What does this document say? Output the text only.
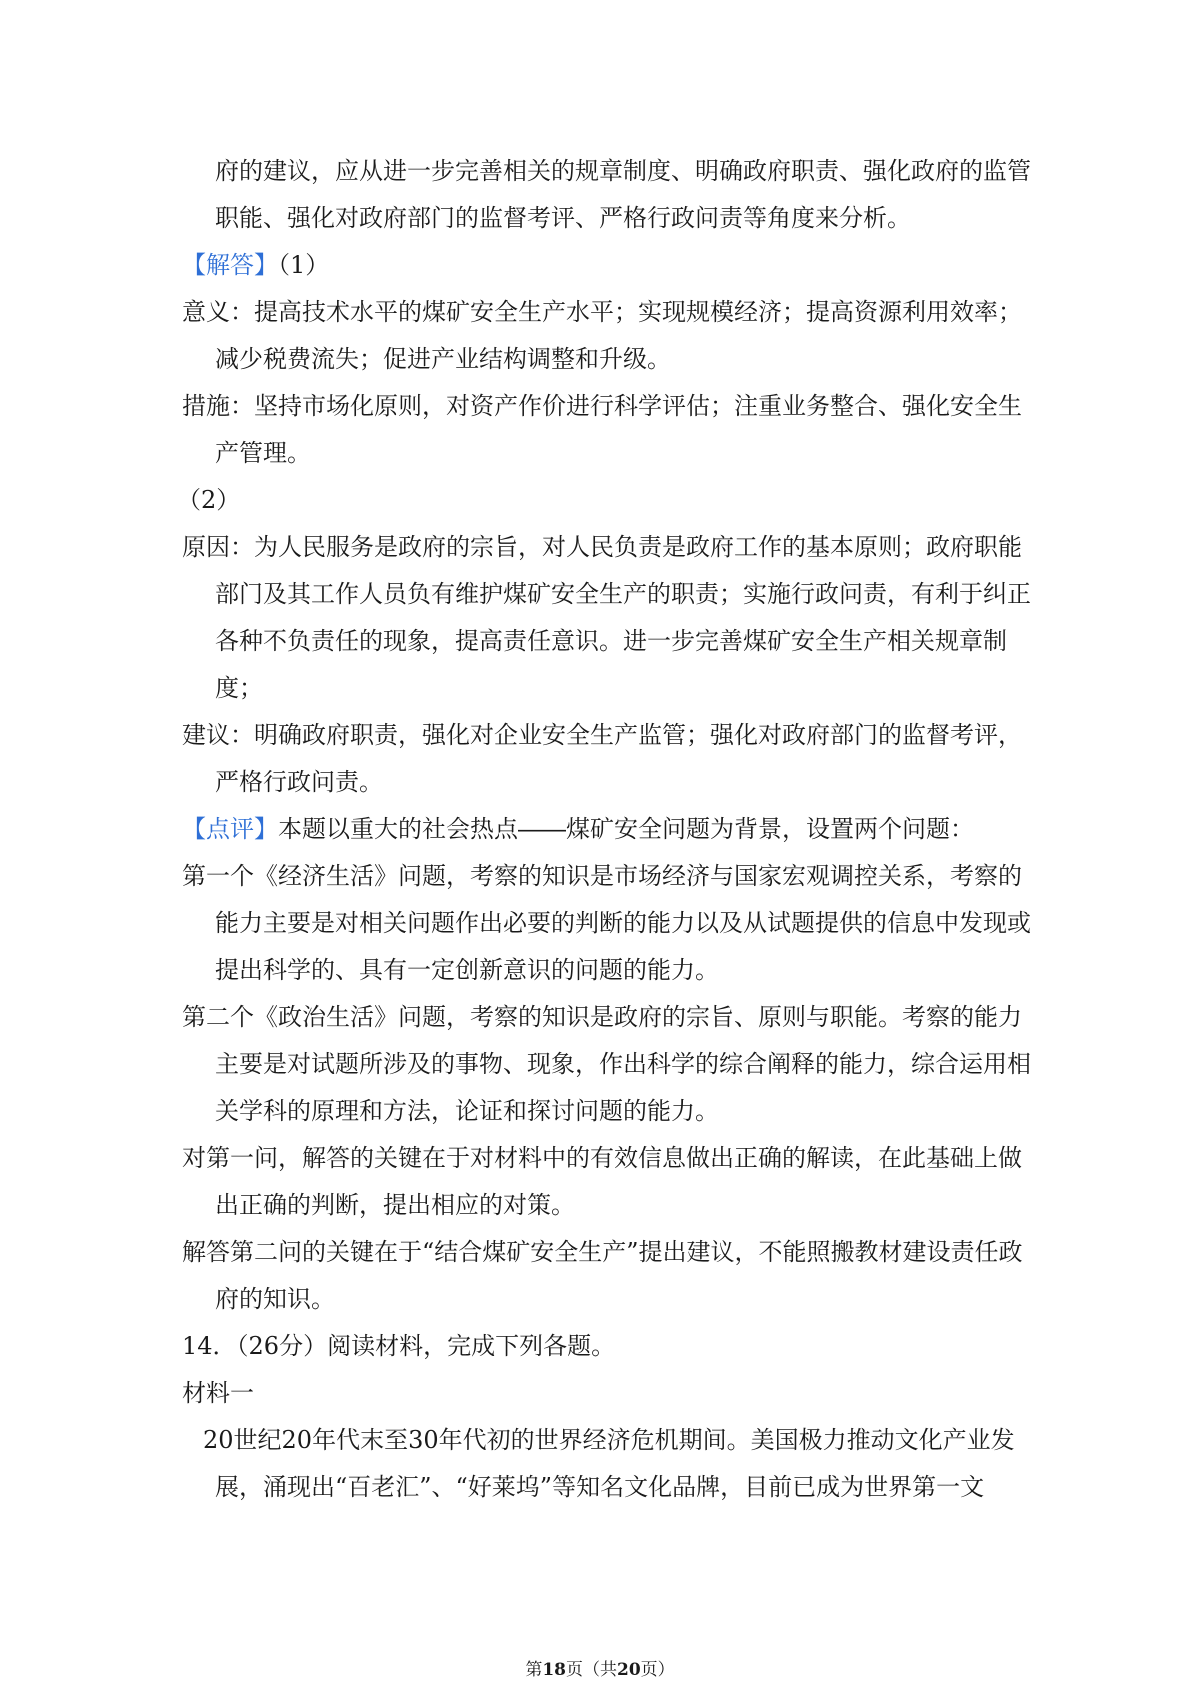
府的建议，应从进一步完善相关的规章制度、明确政府职责、强化政府的监管职能、强化对政府部门的监督考评、严格行政问责等角度来分析。

【解答】（1）

意义：提高技术水平的煤矿安全生产水平；实现规模经济；提高资源利用效率；减少税费流失；促进产业结构调整和升级。

措施：坚持市场化原则，对资产作价进行科学评估；注重业务整合、强化安全生产管理。

（2）

原因：为人民服务是政府的宗旨，对人民负责是政府工作的基本原则；政府职能部门及其工作人员负有维护煤矿安全生产的职责；实施行政问责，有利于纠正各种不负责任的现象，提高责任意识。进一步完善煤矿安全生产相关规章制度；

建议：明确政府职责，强化对企业安全生产监管；强化对政府部门的监督考评，严格行政问责。

【点评】本题以重大的社会热点――煤矿安全问题为背景，设置两个问题：

第一个《经济生活》问题，考察的知识是市场经济与国家宏观调控关系，考察的能力主要是对相关问题作出必要的判断的能力以及从试题提供的信息中发现或提出科学的、具有一定创新意识的问题的能力。

第二个《政治生活》问题，考察的知识是政府的宗旨、原则与职能。考察的能力主要是对试题所涉及的事物、现象，作出科学的综合阐释的能力，综合运用相关学科的原理和方法，论证和探讨问题的能力。

对第一问，解答的关键在于对材料中的有效信息做出正确的解读，在此基础上做出正确的判断，提出相应的对策。

解答第二问的关键在于“结合煤矿安全生产”提出建议，不能照搬教材建设责任政府的知识。

14．（26分）阅读材料，完成下列各题。

材料一

20世纪20年代末至30年代初的世界经济危机期间。美国极力推动文化产业发展，涌现出“百老汇”、“好莱坞”等知名文化品牌，目前已成为世界第一文

第18页（共20页）
